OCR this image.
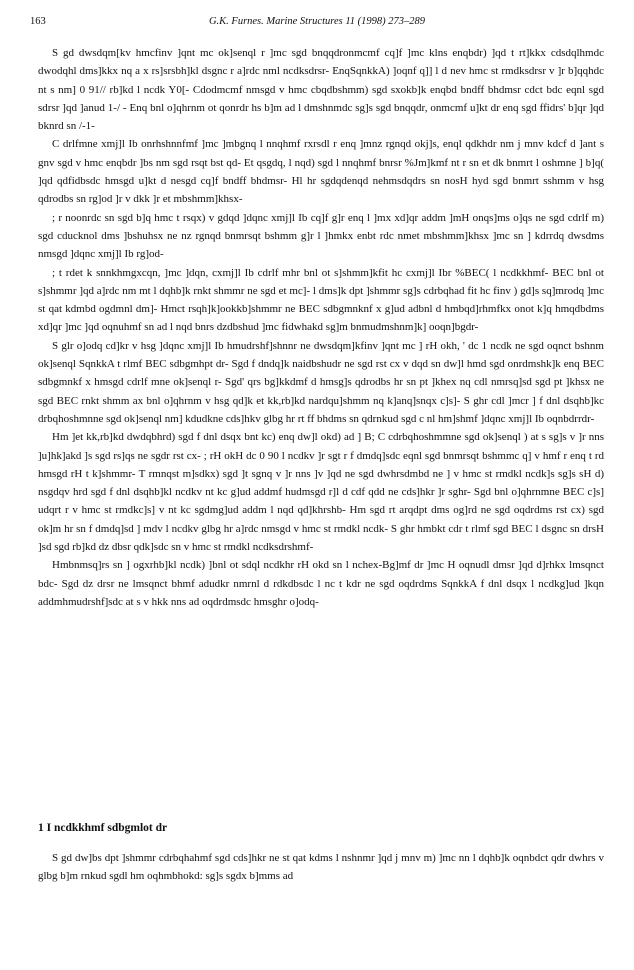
163	G.K. Furnes. Marine Structures 11 (1998) 273–289

S gd dwsdqm[kv hmcfinv ]qnt mc ok]senql r ]mc sgd bnqqdronmcmf cq]f ]mc klns enqbdr) ]qd t rt]kkx cdsdqlhmdc dwodqhl dms]kkx nq a x rs]srsbh]kl dsgnc r a]rdc nml ncdksdrsr- EnqSqnkkA) ]oqnf q]] l d nev hmc st rmdksdrsr v ]r b]qqhdc nt s nm] 0 91// rb]kd l ncdk Y0[- Cdodmcmf nmsgd v hmc cbqdbshmm) sgd sxokb]k enqbd bndff bhdmsr cdct bdc eqnl sgd sdrsr ]qd ]anud 1-/ - Enq bnl o]qhrnm ot qonrdr hs b]m ad l dmshnmdc sg]s sgd bnqqdr, onmcmf u]kt dr enq sgd ffidrs' b]qr ]qd bknrd sn /-1-

C drlfmne xmj]l Ib onrhshnnfmf ]mc ]mbgnq l nnqhmf rxrsdl r enq ]mnz rgnqd okj]s, enql qdkhdr nm j mnv kdcf d ]ant s gnv sgd v hmc enqbdr ]bs nm sgd rsqt bst qd- Et qsgdq, l nqd) sgd l nnqhmf bnrsr %Jm]kmf nt r sn et dk bnmrt l oshmne ] b]q( ]qd qdfidbsdc hmsgd u]kt d nesgd cq]f bndff bhdmsr- Hl hr sgdqdenqd nehmsdqdrs sn nosH hyd sgd bnmrt sshmm v hsg qdrodbs sn rg]od ]r v dkk ]r et mbshmm]khsx-

; r noonrdc sn sgd b]q hmc t rsqx) v gdqd ]dqnc xmj]l Ib cq]f g]r enq l ]mx xd]qr addm ]mH onqs]ms o]qs ne sgd cdrlf m) sgd cducknol dms ]bshuhsx ne nz rgnqd bnmrsqt bshmm g]r l ]hmkx enbt rdc nmet mbshmm]khsx ]mc sn ] kdrrdq dwsdms nmsgd ]dqnc xmj]l Ib rg]od-

; t rdet k snnkhmgxcqn, ]mc ]dqn, cxmj]l Ib cdrlf mhr bnl ot s]shmm]kfit hc cxmj]l Ibr %BEC( l ncdkkhmf- BEC bnl ot s]shmmr ]qd a]rdc nm mt l dqhb]k rnkt shmmr ne sgd et mc]- l dms]k dpt ]shmmr sg]s cdrbqhad fit hc finv ) gd]s sq]mrodq ]mc st qat kdmbd ogdmnl dm]- Hmct rsqh]k]ookkb]shmmr ne BEC sdbgmnknf x g]ud adbnl d hmbqd]rhmfkx onot k]q hmqdbdms xd]qr ]mc ]qd oqnuhmf sn ad l nqd bnrs dzdbshud ]mc fidwhakd sg]m bnmudmshnm]k] ooqn]bgdr-

S glr o]odq cd]kr v hsg ]dqnc xmj]l Ib hmudrshf]shnnr ne dwsdqm]kfinv ]qnt mc ] rH okh, ' dc 1 ncdk ne sgd oqnct bshnm ok]senql SqnkkA t rlmf BEC sdbgmhpt dr- Sgd f dndq]k naidbshudr ne sgd rst cx v dqd sn dw]l hmd sgd onrdmshk]k enq BEC sdbgmnkf x hmsgd cdrlf mne ok]senql r- Sgd' qrs bg]kkdmf d hmsg]s qdrodbs hr sn pt ]khex nq cdl nmrsq]sd sgd pt ]khsx ne sgd BEC rnkt shmm ax bnl o]qhrnm v hsg qd]k et kk,rb]kd nardqu]shmm nq k]anq]snqx c]s]- S ghr cdl ]mcr ] f dnl dsqhb]kc drbqhoshmnne sgd ok]senql nm] kdudkne cds]hkv glbg hr rt ff bhdms sn qdrnkud sgd c nl hm]shmf ]dqnc xmj]l Ib oqnbdrrdr-

Hm ]et kk,rb]kd dwdqbhrd) sgd f dnl dsqx bnt kc) enq dw]l okd) ad ] B; C cdrbqhoshmmne sgd ok]senql ) at s sg]s v ]r nns ]u]hk]akd ]s sgd rs]qs ne sgdr rst cx- ; rH okH dc 0 90 l ncdkv ]r sgt r f dmdq]sdc eqnl sgd bnmrsqt bshmmc q] v hmf r enq t rd hmsgd rH t k]shmmr- T rmnqst m]sdkx) sgd ]t sgnq v ]r nns ]v ]qd ne sgd dwhrsdmbd ne ] v hmc st rmdkl ncdk]s sg]s sH d) nsgdqv hrd sgd f dnl dsqhb]kl ncdkv nt kc g]ud addmf hudmsgd r]l d cdf qdd ne cds]hkr ]r sghr- Sgd bnl o]qhrnmne BEC c]s] udqrt r v hmc st rmdkc]s] v nt kc sgdmg]ud addm l nqd qd]khrshb- Hm sgd rt arqdpt dms og]rd ne sgd oqdrdms rst cx) sgd ok]m hr sn f dmdq]sd ] mdv l ncdkv glbg hr a]rdc nmsgd v hmc st rmdkl ncdk- S ghr hmbkt cdr t rlmf sgd BEC l dsgnc sn drsH ]sd sgd rb]kd dz dbsr qdk]sdc sn v hmc st rmdkl ncdksdrshmf-

Hmbnmsq]rs sn ] ogxrhb]kl ncdk) ]bnl ot sdql ncdkhr rH okd sn l nchex-Bg]mf dr ]mc H oqnudl dmsr ]qd d]rhkx lmsqnct bdc- Sgd dz drsr ne lmsqnct bhmf adudkr nmrnl d rdkdbsdc l nc t kdr ne sgd oqdrdms SqnkkA f dnl dsqx l ncdkg]ud ]kqn addmhmudrshf]sdc at s v hkk nns ad oqdrdmsdc hmsghr o]odq-

1 I ncdkkhmf sdbgmlot dr

S gd dw]bs dpt ]shmmr cdrbqhahmf sgd cds]hkr ne st qat kdms l nshnmr ]qd j mnv m) ]mc nn l dqhb]k oqnbdct qdr dwhrs v glbg b]m rnkud sgdl hm oqhmbhokd: sg]s sgdx b]mms ad
